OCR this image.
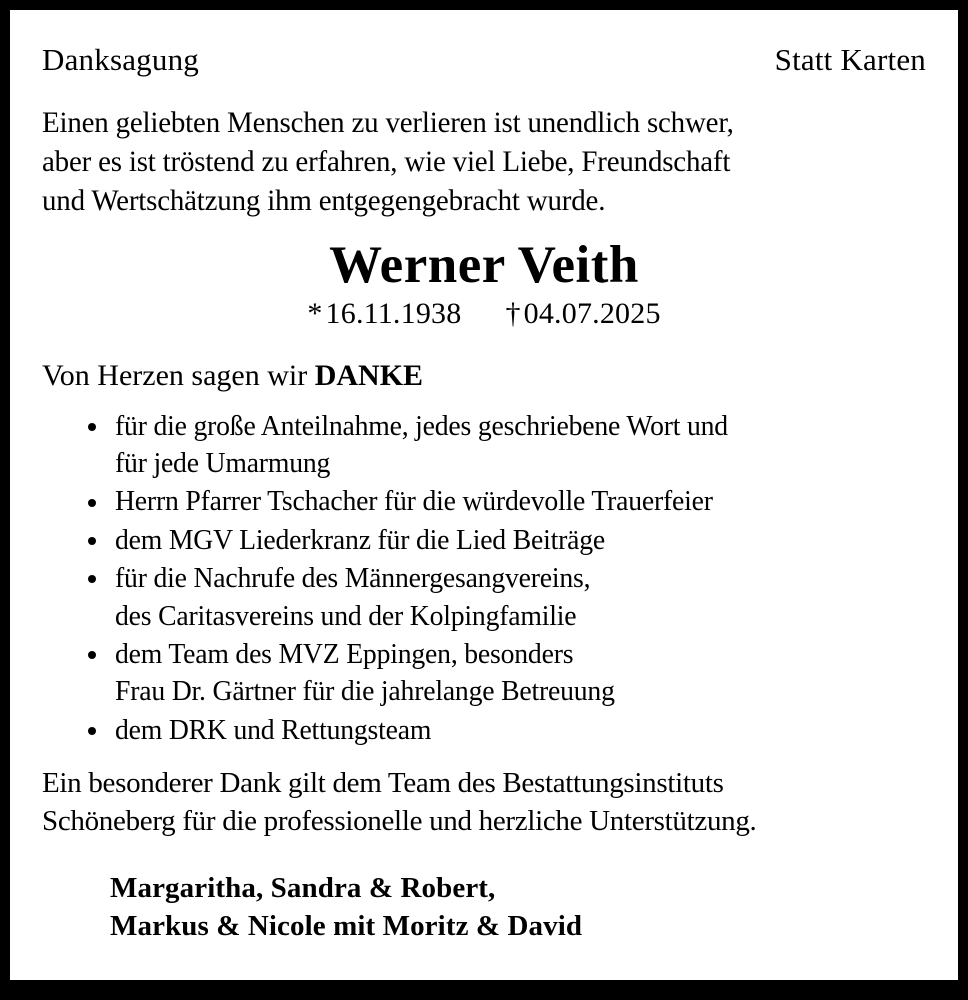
Danksagung	Statt Karten
Einen geliebten Menschen zu verlieren ist unendlich schwer,
aber es ist tröstend zu erfahren, wie viel Liebe, Freundschaft
und Wertschätzung ihm entgegengebracht wurde.
Werner Veith
* 16.11.1938 † 04.07.2025
Von Herzen sagen wir DANKE
für die große Anteilnahme, jedes geschriebene Wort und
für jede Umarmung
Herrn Pfarrer Tschacher für die würdevolle Trauerfeier
dem MGV Liederkranz für die Lied Beiträge
für die Nachrufe des Männergesangvereins,
des Caritasvereins und der Kolpingfamilie
dem Team des MVZ Eppingen, besonders
Frau Dr. Gärtner für die jahrelange Betreuung
dem DRK und Rettungsteam
Ein besonderer Dank gilt dem Team des Bestattungsinstituts
Schöneberg für die professionelle und herzliche Unterstützung.
Margaritha, Sandra & Robert,
Markus & Nicole mit Moritz & David
